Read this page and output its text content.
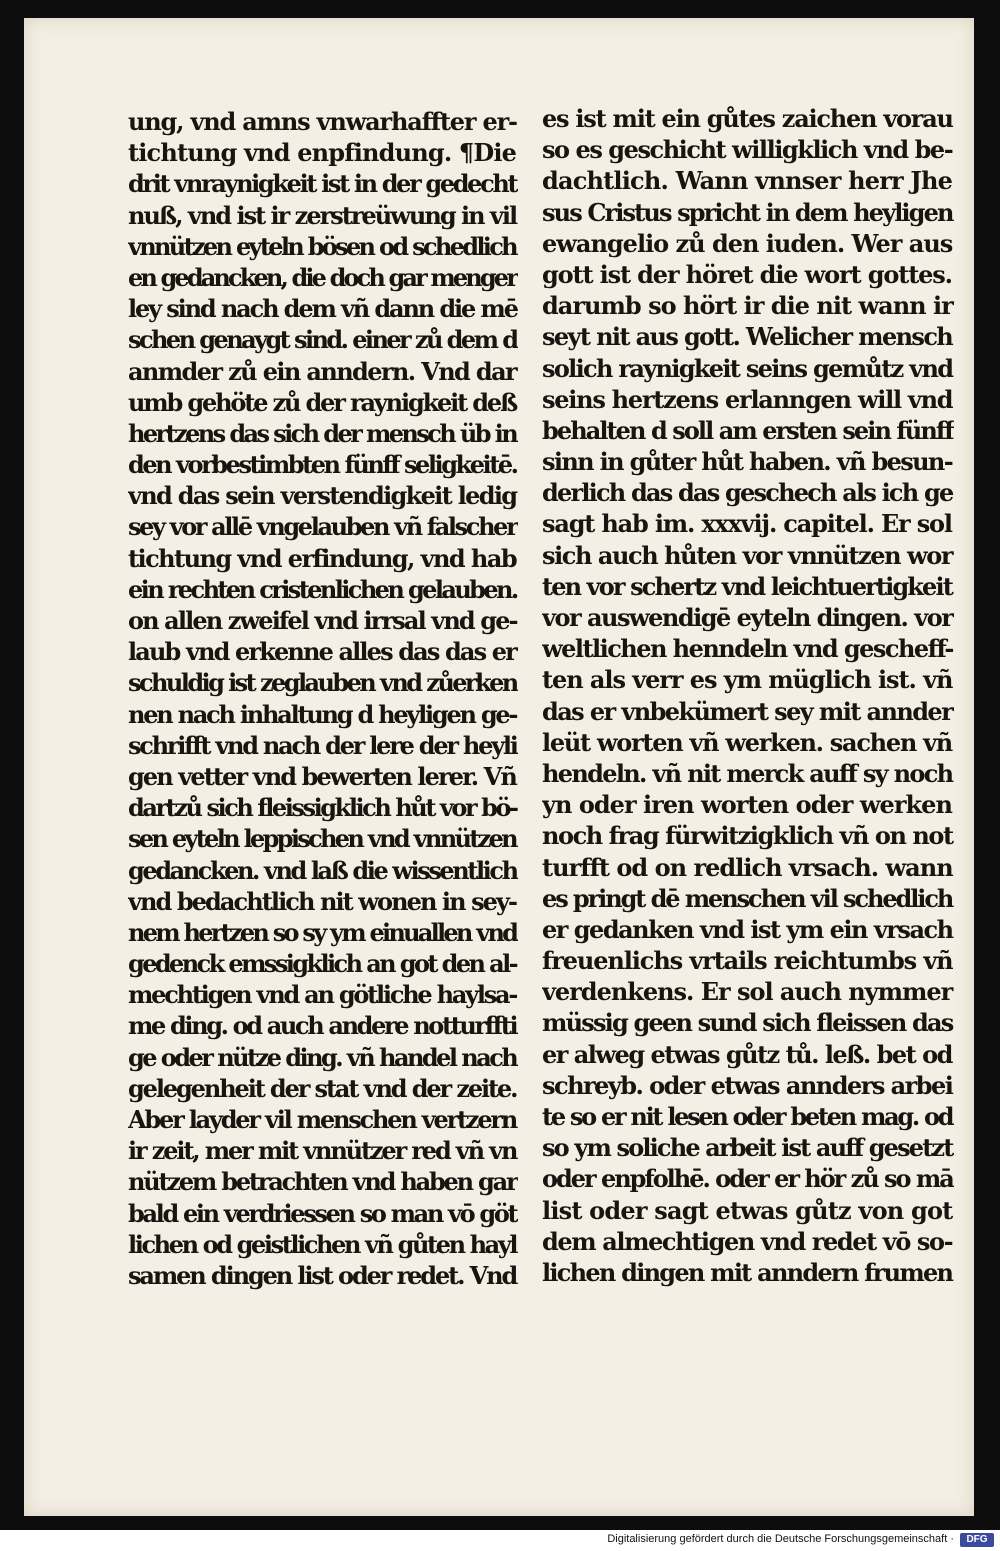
ung, vnd amns vnwarhaffter er-
tichtung vnd enpfindung. ¶Die
drit vnraynigkeit ist in der gedecht
nuß, vnd ist ir zerstreüwung in vil
vnnützen eyteln bösen od schedlich
en gedancken, die doch gar menger
ley sind nach dem vñ dann die mē
schen genaygt sind. einer zů dem d
anmder zů ein anndern. Vnd dar
umb gehöte zů der raynigkeit deß
hertzens das sich der mensch üb in
den vorbestimbten fünff seligkeitē.
vnd das sein verstendigkeit ledig
sey vor allē vngelauben vñ falscher
tichtung vnd erfindung, vnd hab
ein rechten cristenlichen gelauben.
on allen zweifel vnd irrsal vnd ge-
laub vnd erkenne alles das das er
schuldig ist zeglauben vnd zůerken
nen nach inhaltung d heyligen ge-
schrifft vnd nach der lere der heyli
gen vetter vnd bewerten lerer. Vñ
dartzů sich fleissigklich hůt vor bö-
sen eyteln leppischen vnd vnnützen
gedancken. vnd laß die wissentlich
vnd bedachtlich nit wonen in sey-
nem hertzen so sy ym einuallen vnd
gedenck emssigklich an got den al-
mechtigen vnd an götliche haylsa-
me ding. od auch andere notturffti
ge oder nütze ding. vñ handel nach
gelegenheit der stat vnd der zeite.
Aber layder vil menschen vertzern
ir zeit, mer mit vnnützer red vñ vn
nützem betrachten vnd haben gar
bald ein verdriessen so man vō göt
lichen od geistlichen vñ gůten hayl
samen dingen list oder redet. Vnd
es ist mit ein gůtes zaichen vorau
so es geschicht willigklich vnd be-
dachtlich. Wann vnnser herr Jhe
sus Cristus spricht in dem heyligen
ewangelio zů den iuden. Wer aus
gott ist der höret die wort gottes.
darumb so hört ir die nit wann ir
seyt nit aus gott. Welicher mensch
solich raynigkeit seins gemůtz vnd
seins hertzens erlanngen will vnd
behalten d soll am ersten sein fünff
sinn in gůter hůt haben. vñ besun-
derlich das das geschech als ich ge
sagt hab im. xxxvij. capitel. Er sol
sich auch hůten vor vnnützen wor
ten vor schertz vnd leichtuertigkeit
vor auswendigē eyteln dingen. vor
weltlichen henndeln vnd gescheff-
ten als verr es ym müglich ist. vñ
das er vnbekümert sey mit annder
leüt worten vñ werken. sachen vñ
hendeln. vñ nit merck auff sy noch
yn oder iren worten oder werken
noch frag fürwitzigklich vñ on not
turfft od on redlich vrsach. wann
es pringt dē menschen vil schedlich
er gedanken vnd ist ym ein vrsach
freuenlichs vrtails reichtumbs vñ
verdenkens. Er sol auch nymmer
müssig geen sund sich fleissen das
er alweg etwas gůtz tů. leß. bet od
schreyb. oder etwas annders arbei
te so er nit lesen oder beten mag. od
so ym soliche arbeit ist auff gesetzt
oder enpfolhē. oder er hör zů so mā
list oder sagt etwas gůtz von got
dem almechtigen vnd redet vō so-
lichen dingen mit anndern frumen
Digitalisierung gefördert durch die Deutsche Forschungsgemeinschaft ·	DFG
